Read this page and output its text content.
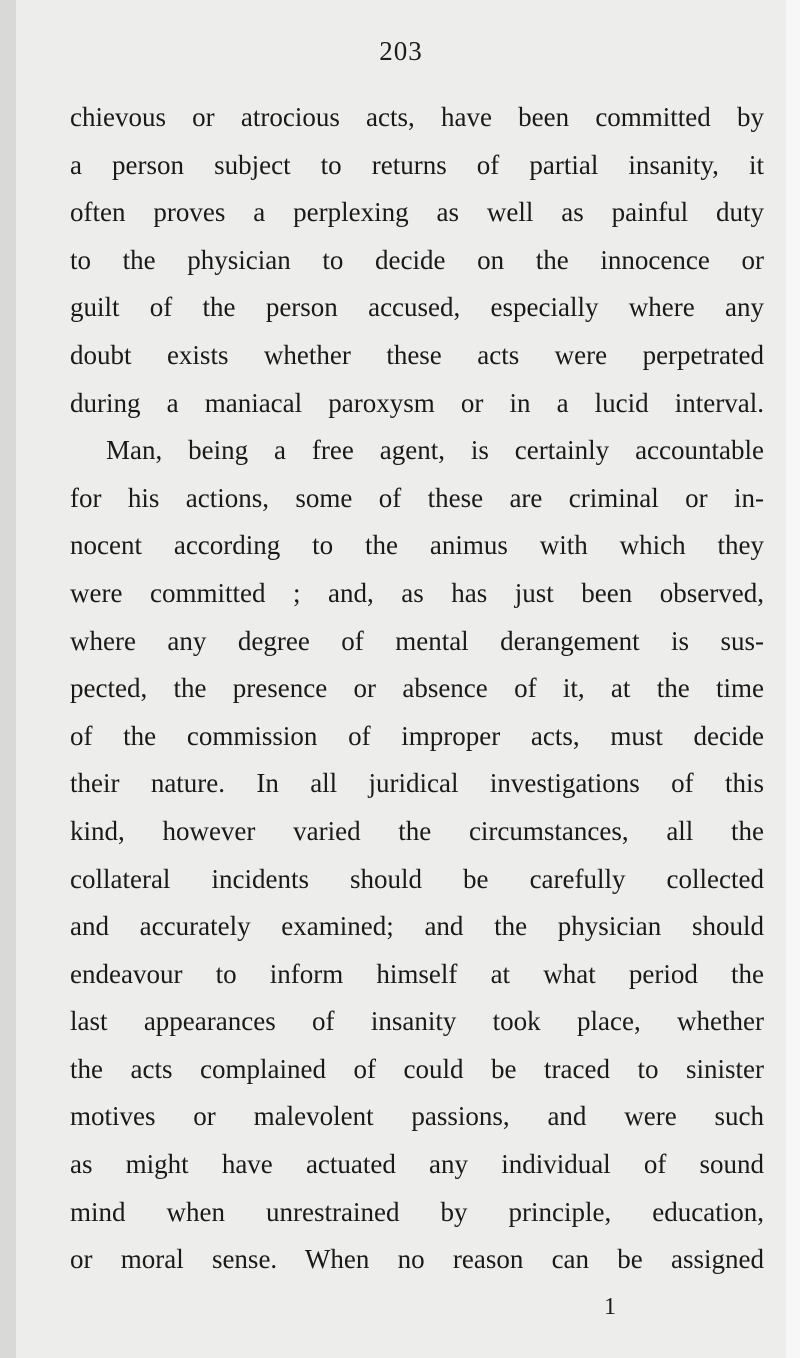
203
chievous or atrocious acts, have been committed by
a person subject to returns of partial insanity, it
often proves a perplexing as well as painful duty
to the physician to decide on the innocence or
guilt of the person accused, especially where any
doubt exists whether these acts were perpetrated
during a maniacal paroxysm or in a lucid interval.
Man, being a free agent, is certainly accountable
for his actions, some of these are criminal or in-
nocent according to the animus with which they
were committed ; and, as has just been observed,
where any degree of mental derangement is sus-
pected, the presence or absence of it, at the time
of the commission of improper acts, must decide
their nature. In all juridical investigations of this
kind, however varied the circumstances, all the
collateral incidents should be carefully collected
and accurately examined; and the physician should
endeavour to inform himself at what period the
last appearances of insanity took place, whether
the acts complained of could be traced to sinister
motives or malevolent passions, and were such
as might have actuated any individual of sound
mind when unrestrained by principle, education,
or moral sense. When no reason can be assigned
1
